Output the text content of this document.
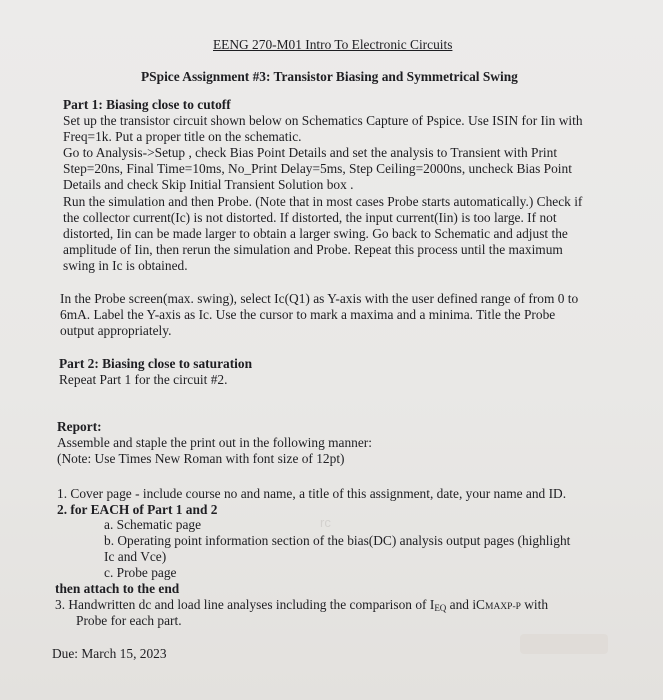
EENG 270-M01 Intro To Electronic Circuits
PSpice Assignment #3: Transistor Biasing and Symmetrical Swing
Part 1: Biasing close to cutoff
Set up the transistor circuit shown below on Schematics Capture of Pspice. Use ISIN for Iin with
Freq=1k. Put a proper title on the schematic.
Go to Analysis->Setup , check Bias Point Details and set the analysis to Transient with Print
Step=20ns, Final Time=10ms, No_Print Delay=5ms, Step Ceiling=2000ns, uncheck Bias Point
Details and check Skip Initial Transient Solution box .
Run the simulation and then Probe. (Note that in most cases Probe starts automatically.) Check if
the collector current(Ic) is not distorted. If distorted, the input current(Iin) is too large. If not
distorted, Iin can be made larger to obtain a larger swing. Go back to Schematic and adjust the
amplitude of Iin, then rerun the simulation and Probe. Repeat this process until the maximum
swing in Ic is obtained.
In the Probe screen(max. swing), select Ic(Q1) as Y-axis with the user defined range of from 0 to
6mA. Label the Y-axis as Ic. Use the cursor to mark a maxima and a minima. Title the Probe
output appropriately.
Part 2: Biasing close to saturation
Repeat Part 1 for the circuit #2.
rc
Report:
Assemble and staple the print out in the following manner:
(Note: Use Times New Roman with font size of 12pt)
1. Cover page - include course no and name, a title of this assignment, date, your name and ID.
2. for EACH of Part 1 and 2
a. Schematic page
b. Operating point information section of the bias(DC) analysis output pages (highlight
Ic and Vce)
c. Probe page
then attach to the end
3. Handwritten dc and load line analyses including the comparison of $I_{EQ}$ and iCMAXP-P with
Probe for each part.
Due: March 15, 2023
